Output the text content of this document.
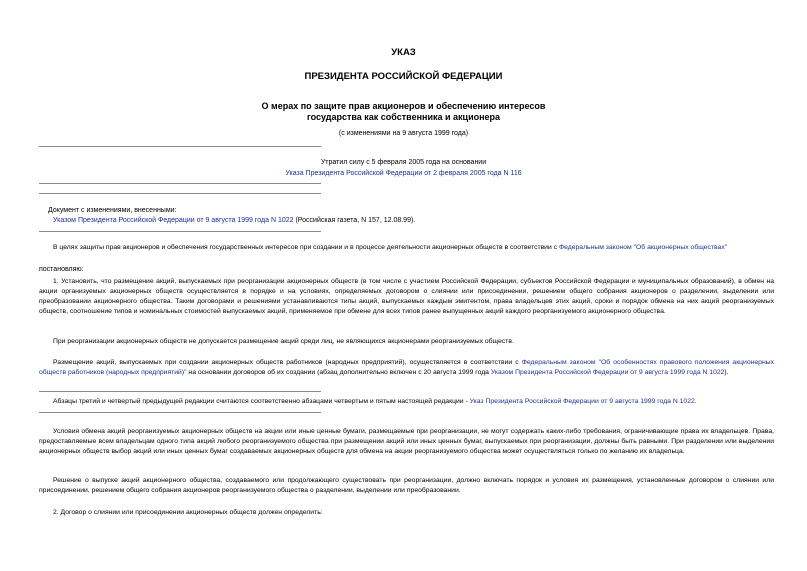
УКАЗ
ПРЕЗИДЕНТА РОССИЙСКОЙ ФЕДЕРАЦИИ
О мерах по защите прав акционеров и обеспечению интересов
государства как собственника и акционера
(с изменениями на 9 августа 1999 года)
Утратил силу с 5 февраля 2005 года на основании
Указа Президента Российской Федерации от 2 февраля 2005 года N 116
Документ с изменениями, внесенными:
Указом Президента Российской Федерации от 9 августа 1999 года N 1022 (Российская газета, N 157, 12.08.99).
В целях защиты прав акционеров и обеспечения государственных интересов при создании и в процессе деятельности акционерных обществ в соответствии с Федеральным законом "Об акционерных обществах"
постановляю:
1. Установить, что размещение акций, выпускаемых при реорганизации акционерных обществ (в том числе с участием Российской Федерации, субъектов Российской Федерации и муниципальных образований), в обмен на акции организуемых акционерных обществ осуществляется в порядке и на условиях, определяемых договором о слиянии или присоединении, решением общего собрания акционеров о разделении, выделении или преобразовании акционерного общества. Таким договорами и решениями устанавливаются типы акций, выпускаемых каждым эмитентом, права владельцев этих акций, сроки и порядок обмена на них акций реорганизуемых обществ, соотношение типов и номинальных стоимостей выпускаемых акций, применяемое при обмене для всех типов ранее выпущенных акций каждого реорганизуемого акционерного общества.
При реорганизации акционерных обществ не допускается размещение акций среди лиц, не являющихся акционерами реорганизуемых обществ.
Размещение акций, выпускаемых при создании акционерных обществ работников (народных предприятий), осуществляется в соответствии с Федеральным законом "Об особенностях правового положения акционерных обществ работников (народных предприятий)" на основании договоров об их создании (абзац дополнительно включен с 20 августа 1999 года Указом Президента Российской Федерации от 9 августа 1999 года N 1022).
Абзацы третий и четвертый предыдущей редакции считаются соответственно абзацами четвертым и пятым настоящей редакции - Указ Президента Российской Федерации от 9 августа 1999 года N 1022.
Условия обмена акций реорганизуемых акционерных обществ на акции или иные ценные бумаги, размещаемые при реорганизации, не могут содержать каких-либо требования, ограничивающие права их владельцев. Права, предоставляемые всем владельцам одного типа акций любого реорганизуемого общества при размещении акций или иных ценных бумаг, выпускаемых при реорганизации, должны быть равными. При разделении или выделении акционерных обществ выбор акций или иных ценных бумаг создаваемых акционерных обществ для обмена на акции реорганизуемого общества может осуществляться только по желанию их владельца.
Решение о выпуске акций акционерного общества, создаваемого или продолжающего существовать при реорганизации, должно включать порядок и условия их размещения, установленные договором о слиянии или присоединении, решением общего собрания акционеров реорганизуемого общества о разделении, выделении или преобразовании.
2. Договор о слиянии или присоединении акционерных обществ должен определить:
